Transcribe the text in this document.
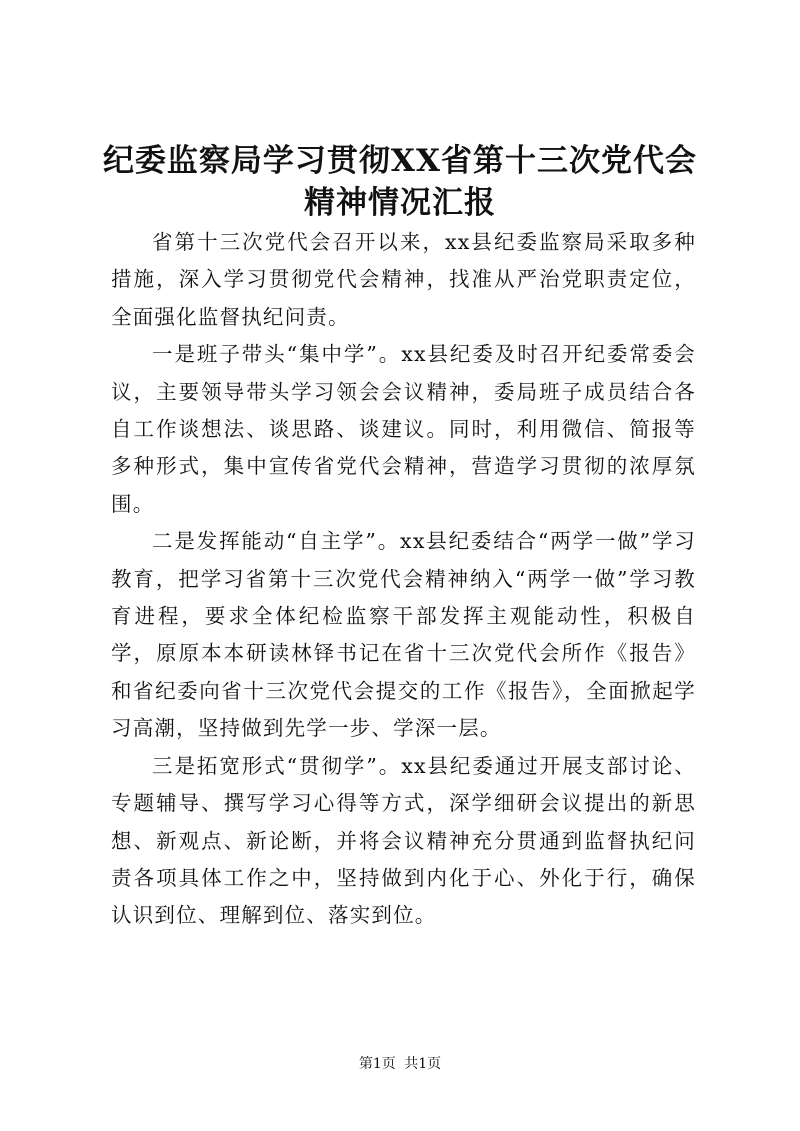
纪委监察局学习贯彻XX省第十三次党代会精神情况汇报

省第十三次党代会召开以来，xx县纪委监察局采取多种措施，深入学习贯彻党代会精神，找准从严治党职责定位，全面强化监督执纪问责。

一是班子带头“集中学”。xx县纪委及时召开纪委常委会议，主要领导带头学习领会会议精神，委局班子成员结合各自工作谈想法、谈思路、谈建议。同时，利用微信、简报等多种形式，集中宣传省党代会精神，营造学习贯彻的浓厚氛围。

二是发挥能动“自主学”。xx县纪委结合“两学一做”学习教育，把学习省第十三次党代会精神纳入“两学一做”学习教育进程，要求全体纪检监察干部发挥主观能动性，积极自学，原原本本研读林铎书记在省十三次党代会所作《报告》和省纪委向省十三次党代会提交的工作《报告》，全面掀起学习高潮，坚持做到先学一步、学深一层。

三是拓宽形式“贯彻学”。xx县纪委通过开展支部讨论、专题辅导、撰写学习心得等方式，深学细研会议提出的新思想、新观点、新论断，并将会议精神充分贯通到监督执纪问责各项具体工作之中，坚持做到内化于心、外化于行，确保认识到位、理解到位、落实到位。

第1页 共1页
